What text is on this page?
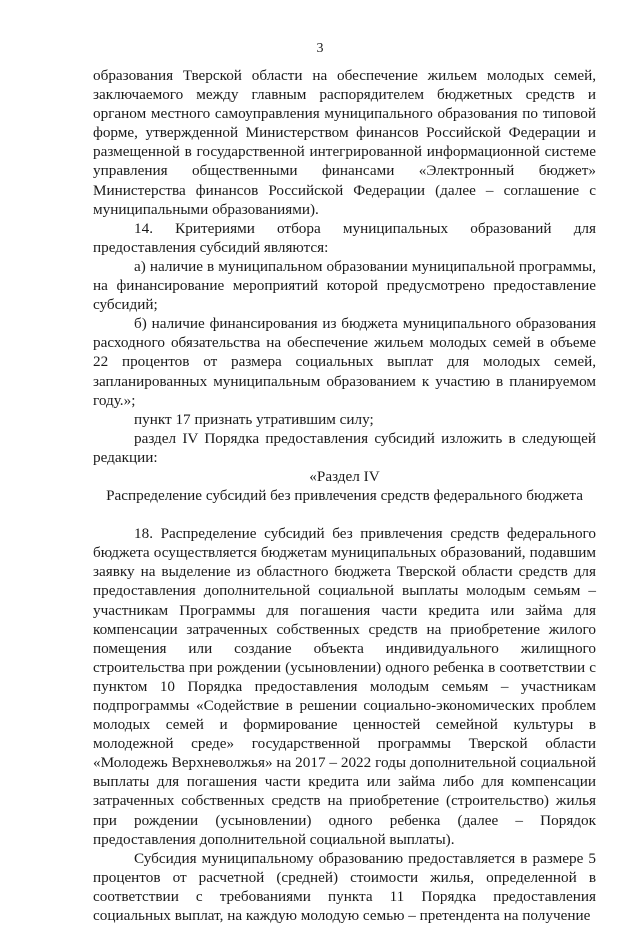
3

образования Тверской области на обеспечение жильем молодых семей, заключаемого между главным распорядителем бюджетных средств и органом местного самоуправления муниципального образования по типовой форме, утвержденной Министерством финансов Российской Федерации и размещенной в государственной интегрированной информационной системе управления общественными финансами «Электронный бюджет» Министерства финансов Российской Федерации (далее – соглашение с муниципальными образованиями).

14. Критериями отбора муниципальных образований для предоставления субсидий являются:

а) наличие в муниципальном образовании муниципальной программы, на финансирование мероприятий которой предусмотрено предоставление субсидий;

б) наличие финансирования из бюджета муниципального образования расходного обязательства на обеспечение жильем молодых семей в объеме 22 процентов от размера социальных выплат для молодых семей, запланированных муниципальным образованием к участию в планируемом году.»;

пункт 17 признать утратившим силу;

раздел IV Порядка предоставления субсидий изложить в следующей редакции:

«Раздел IV

Распределение субсидий без привлечения средств федерального бюджета

18. Распределение субсидий без привлечения средств федерального бюджета осуществляется бюджетам муниципальных образований, подавшим заявку на выделение из областного бюджета Тверской области средств для предоставления дополнительной социальной выплаты молодым семьям – участникам Программы для погашения части кредита или займа для компенсации затраченных собственных средств на приобретение жилого помещения или создание объекта индивидуального жилищного строительства при рождении (усыновлении) одного ребенка в соответствии с пунктом 10 Порядка предоставления молодым семьям – участникам подпрограммы «Содействие в решении социально-экономических проблем молодых семей и формирование ценностей семейной культуры в молодежной среде» государственной программы Тверской области «Молодежь Верхневолжья» на 2017 – 2022 годы дополнительной социальной выплаты для погашения части кредита или займа либо для компенсации затраченных собственных средств на приобретение (строительство) жилья при рождении (усыновлении) одного ребенка (далее – Порядок предоставления дополнительной социальной выплаты).

Субсидия муниципальному образованию предоставляется в размере 5 процентов от расчетной (средней) стоимости жилья, определенной в соответствии с требованиями пункта 11 Порядка предоставления социальных выплат, на каждую молодую семью – претендента на получение
